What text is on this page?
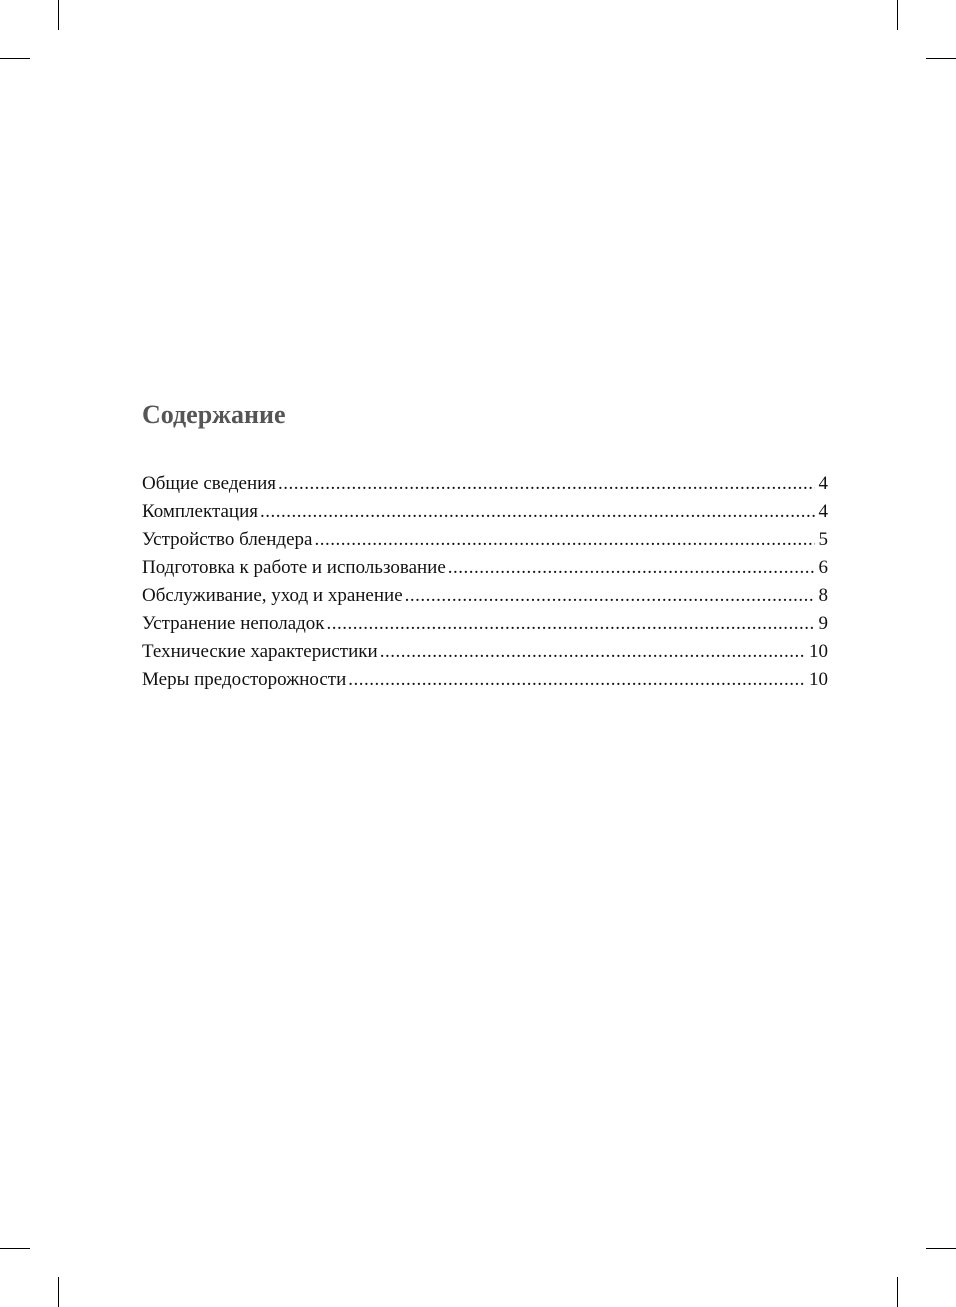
Содержание
Общие сведения .....	4
Комплектация .....	4
Устройство блендера .....	5
Подготовка к работе и использование .....	6
Обслуживание, уход и хранение .....	8
Устранение неполадок .....	9
Технические характеристики .....	10
Меры предосторожности .....	10
